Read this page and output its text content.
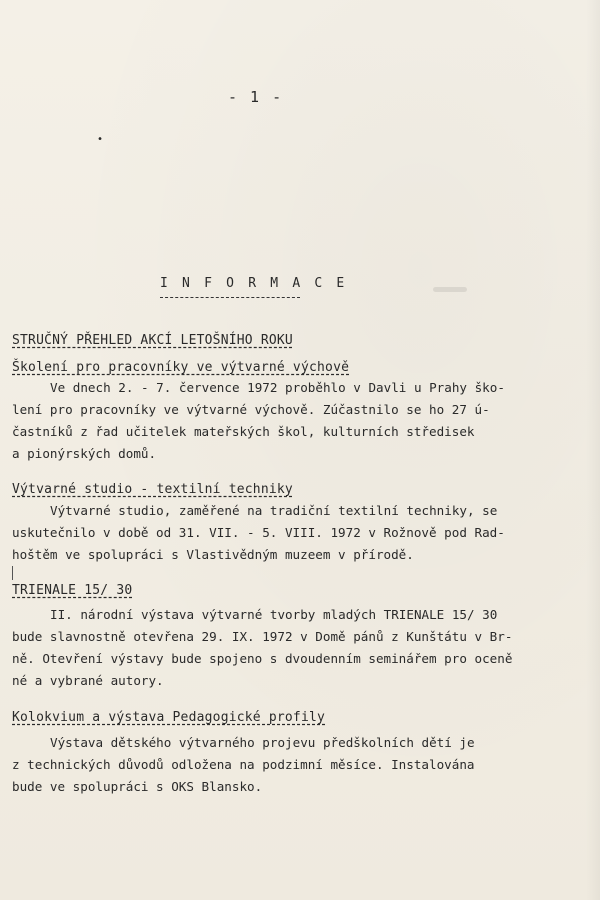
- 1 -
•
I N F O R M A C E
STRUČNÝ PŘEHLED AKCÍ LETOŠNÍHO ROKU
Školení pro pracovníky ve výtvarné výchově
Ve dnech 2. - 7. července 1972 proběhlo v Davli u Prahy ško-
lení pro pracovníky ve výtvarné výchově. Zúčastnilo se ho 27 ú-
častníků z řad učitelek mateřských škol, kulturních středisek
a pionýrských domů.
Výtvarné studio - textilní techniky
Výtvarné studio, zaměřené na tradiční textilní techniky, se
uskutečnilo v době od 31. VII. - 5. VIII. 1972 v Rožnově pod Rad-
hoštěm ve spolupráci s Vlastivědným muzeem v přírodě.
TRIENALE 15/ 30
II. národní výstava výtvarné tvorby mladých TRIENALE 15/ 30
bude slavnostně otevřena 29. IX. 1972 v Domě pánů z Kunštátu v Br-
ně. Otevření výstavy bude spojeno s dvoudenním seminářem pro oceně
né a vybrané autory.
Kolokvium a výstava Pedagogické profily
Výstava dětského výtvarného projevu předškolních dětí je
z technických důvodů odložena na podzimní měsíce. Instalována
bude ve spolupráci s OKS Blansko.
